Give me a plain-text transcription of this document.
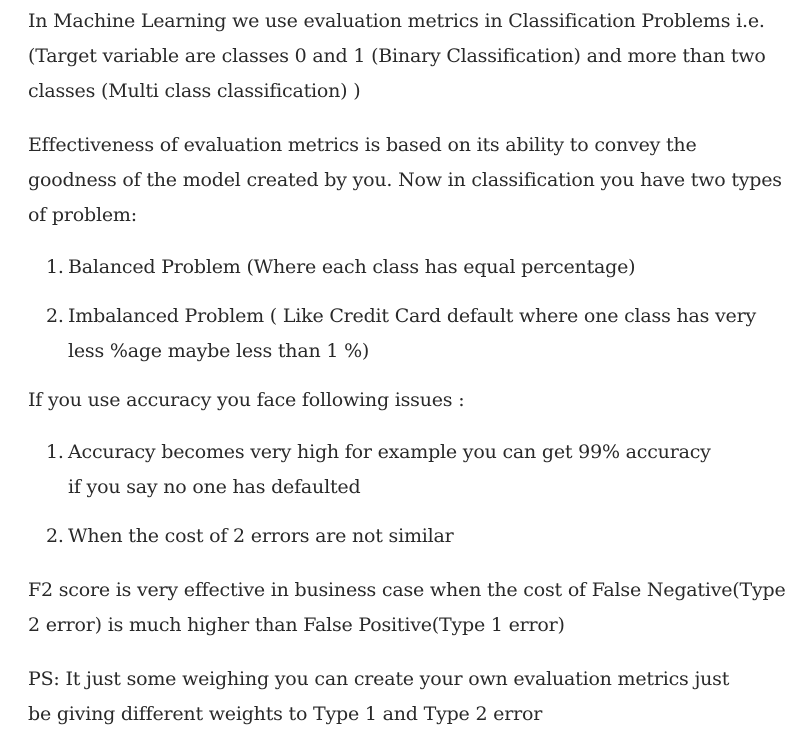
In Machine Learning we use evaluation metrics in Classification Problems i.e. (Target variable are classes 0 and 1 (Binary Classification) and more than two classes (Multi class classification) )

Effectiveness of evaluation metrics is based on its ability to convey the goodness of the model created by you. Now in classification you have two types of problem:

1. Balanced Problem (Where each class has equal percentage)
2. Imbalanced Problem ( Like Credit Card default where one class has very less %age maybe less than 1 %)

If you use accuracy you face following issues :

1. Accuracy becomes very high for example you can get 99% accuracy if you say no one has defaulted
2. When the cost of 2 errors are not similar

F2 score is very effective in business case when the cost of False Negative(Type 2 error) is much higher than False Positive(Type 1 error)

PS: It just some weighing you can create your own evaluation metrics just be giving different weights to Type 1 and Type 2 error
